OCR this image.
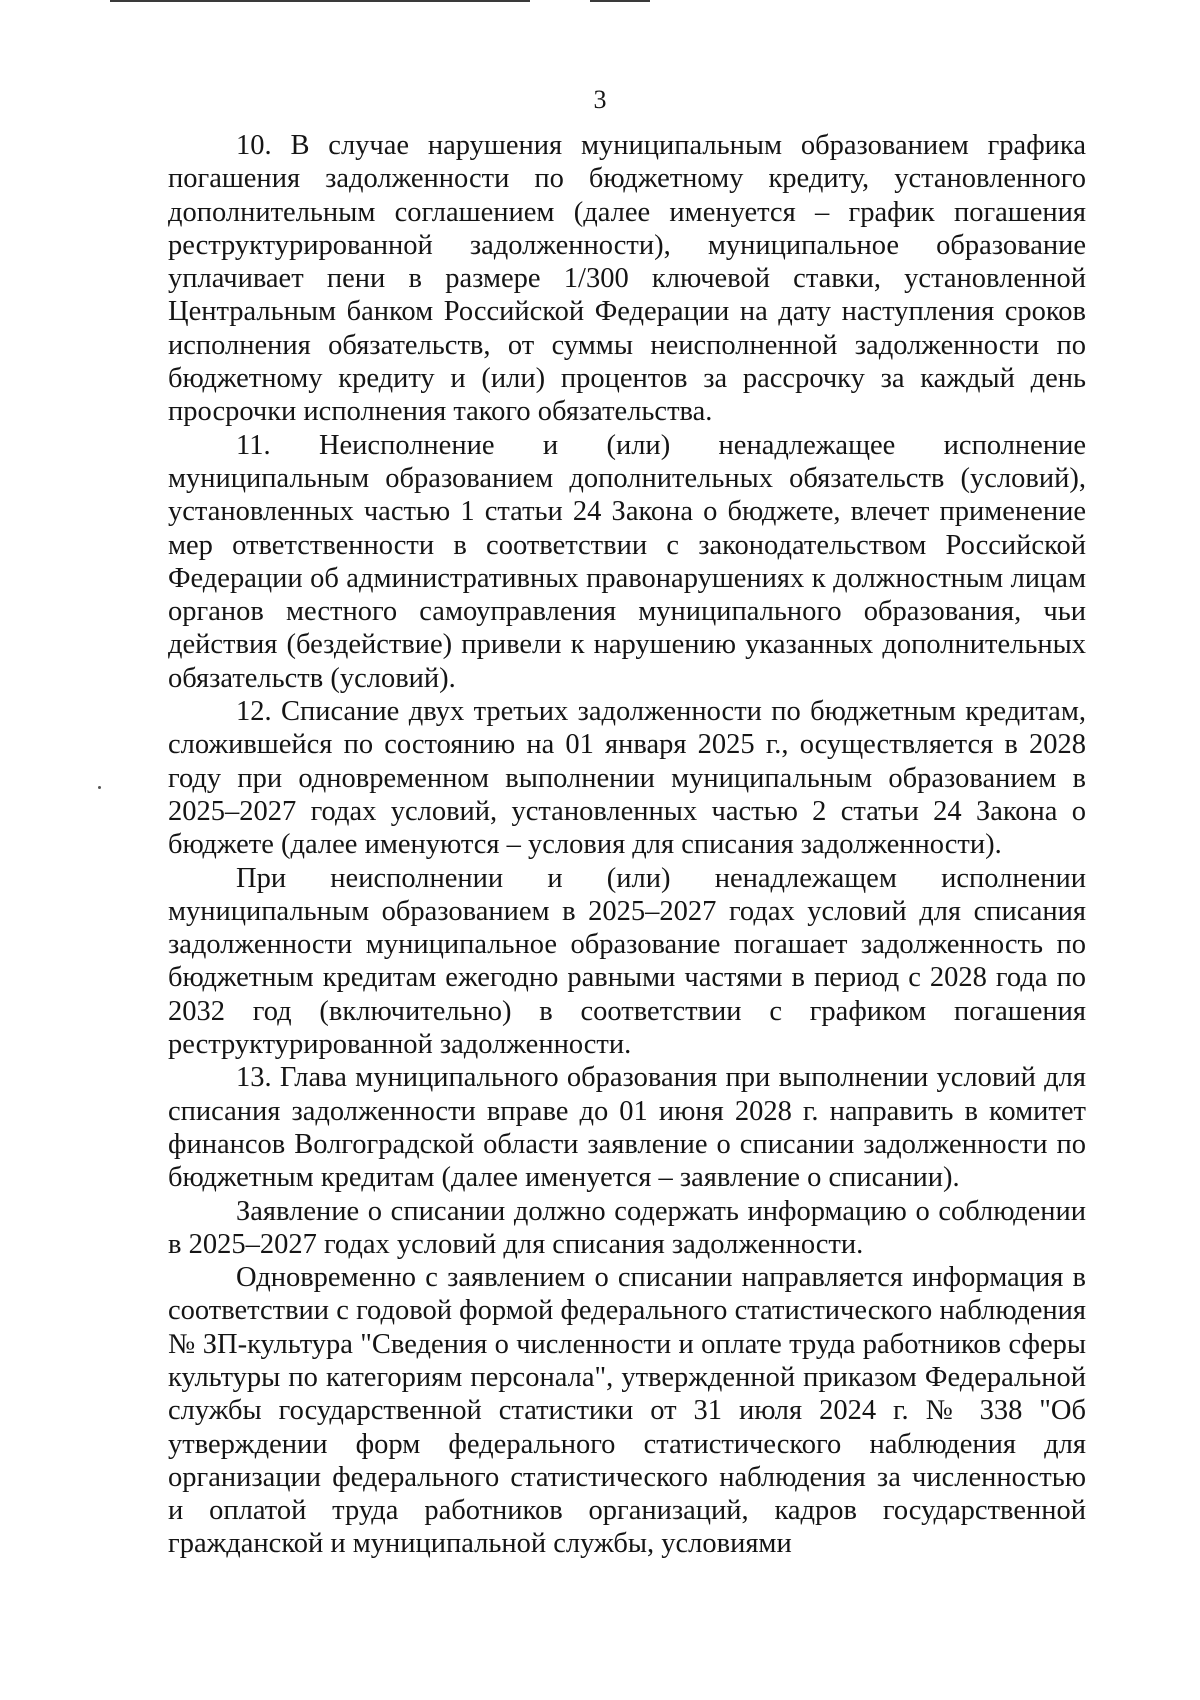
3

10. В случае нарушения муниципальным образованием графика погашения задолженности по бюджетному кредиту, установленного дополнительным соглашением (далее именуется – график погашения реструктурированной задолженности), муниципальное образование уплачивает пени в размере 1/300 ключевой ставки, установленной Центральным банком Российской Федерации на дату наступления сроков исполнения обязательств, от суммы неисполненной задолженности по бюджетному кредиту и (или) процентов за рассрочку за каждый день просрочки исполнения такого обязательства.

11. Неисполнение и (или) ненадлежащее исполнение муниципальным образованием дополнительных обязательств (условий), установленных частью 1 статьи 24 Закона о бюджете, влечет применение мер ответственности в соответствии с законодательством Российской Федерации об административных правонарушениях к должностным лицам органов местного самоуправления муниципального образования, чьи действия (бездействие) привели к нарушению указанных дополнительных обязательств (условий).

12. Списание двух третьих задолженности по бюджетным кредитам, сложившейся по состоянию на 01 января 2025 г., осуществляется в 2028 году при одновременном выполнении муниципальным образованием в 2025–2027 годах условий, установленных частью 2 статьи 24 Закона о бюджете (далее именуются – условия для списания задолженности).

При неисполнении и (или) ненадлежащем исполнении муниципальным образованием в 2025–2027 годах условий для списания задолженности муниципальное образование погашает задолженность по бюджетным кредитам ежегодно равными частями в период с 2028 года по 2032 год (включительно) в соответствии с графиком погашения реструктурированной задолженности.

13. Глава муниципального образования при выполнении условий для списания задолженности вправе до 01 июня 2028 г. направить в комитет финансов Волгоградской области заявление о списании задолженности по бюджетным кредитам (далее именуется – заявление о списании).

Заявление о списании должно содержать информацию о соблюдении в 2025–2027 годах условий для списания задолженности.

Одновременно с заявлением о списании направляется информация в соответствии с годовой формой федерального статистического наблюдения № ЗП-культура "Сведения о численности и оплате труда работников сферы культуры по категориям персонала", утвержденной приказом Федеральной службы государственной статистики от 31 июля 2024 г. № 338 "Об утверждении форм федерального статистического наблюдения для организации федерального статистического наблюдения за численностью и оплатой труда работников организаций, кадров государственной гражданской и муниципальной службы, условиями
